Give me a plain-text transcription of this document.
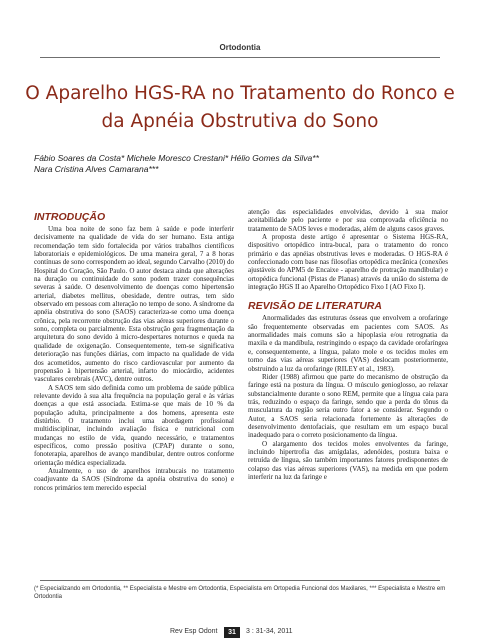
Ortodontia
O Aparelho HGS-RA no Tratamento do Ronco e da Apnéia Obstrutiva do Sono
Fábio Soares da Costa* Michele Moresco Crestani* Hélio Gomes da Silva**
Nara Cristina Alves Camarana***
INTRODUÇÃO

Uma boa noite de sono faz bem à saúde e pode interferir decisivamente na qualidade de vida do ser humano. Esta antiga recomendação tem sido fortalecida por vários trabalhos científicos laboratoriais e epidemiológicos. De uma maneira geral, 7 a 8 horas contínuas de sono correspondem ao ideal, segundo Carvalho (2010) do Hospital do Coração, São Paulo. O autor destaca ainda que alterações na duração ou continuidade do sono podem trazer consequências severas à saúde. O desenvolvimento de doenças como hipertensão arterial, diabetes mellitus, obesidade, dentre outras, tem sido observado em pessoas com alteração no tempo de sono. A síndrome da apnéia obstrutiva do sono (SAOS) caracteriza-se como uma doença crônica, pela recorrente obstrução das vias aéreas superiores durante o sono, completa ou parcialmente. Esta obstrução gera fragmentação da arquitetura do sono devido à micro-despertares noturnos e queda na qualidade de oxigenação. Consequentemente, tem-se significativa deterioração nas funções diárias, com impacto na qualidade de vida dos acometidos, aumento do risco cardiovascular por aumento da propensão à hipertensão arterial, infarto do miocárdio, acidentes vasculares cerebrais (AVC), dentre outros.

A SAOS tem sido definida como um problema de saúde pública relevante devido à sua alta frequência na população geral e às várias doenças a que está associada. Estima-se que mais de 10 % da população adulta, principalmente a dos homens, apresenta este distúrbio. O tratamento inclui uma abordagem profissional multidisciplinar, incluindo avaliação física e nutricional com mudanças no estilo de vida, quando necessário, e tratamentos específicos, como pressão positiva (CPAP) durante o sono, fonoterapia, aparelhos de avanço mandibular, dentre outros conforme orientação médica especializada.

Atualmente, o uso de aparelhos intrabucais no tratamento coadjuvante da SAOS (Síndrome da apnéia obstrutiva do sono) e roncos primários tem merecido especial

atenção das especialidades envolvidas, devido à sua maior aceitabilidade pelo paciente e por sua comprovada eficiência no tratamento de SAOS leves e moderadas, além de alguns casos graves.

A proposta deste artigo é apresentar o Sistema HGS-RA, dispositivo ortopédico intra-bucal, para o tratamento do ronco primário e das apnéias obstrutivas leves e moderadas. O HGS-RA é confeccionado com base nas filosofias ortopédica mecânica (conexões ajustáveis do APM5 de Encaixe - aparelho de protração mandibular) e ortopédica funcional (Pistas de Planas) através da união do sistema de integração HGS II ao Aparelho Ortopédico Fixo I (AO Fixo I).

REVISÃO DE LITERATURA

Anormalidades das estruturas ósseas que envolvem a orofaringe são frequentemente observadas em pacientes com SAOS. As anormalidades mais comuns são a hipoplasia e/ou retrognatia da maxila e da mandíbula, restringindo o espaço da cavidade orofaríngea e, consequentemente, a língua, palato mole e os tecidos moles em torno das vias aéreas superiores (VAS) deslocam posteriormente, obstruindo a luz da orofaringe (RILEY et al., 1983).

Rider (1988) afirmou que parte do mecanismo de obstrução da faringe está na postura da língua. O músculo genioglosso, ao relaxar substancialmente durante o sono REM, permite que a língua caia para trás, reduzindo o espaço da faringe, sendo que a perda do tônus da musculatura da região seria outro fator a se considerar. Segundo o Autor, a SAOS seria relacionada fortemente às alterações de desenvolvimento dentofaciais, que resultam em um espaço bucal inadequado para o correto posicionamento da língua.

O alargamento dos tecidos moles envolventes da faringe, incluindo hipertrofia das amígdalas, adenóides, postura baixa e retruída de língua, são também importantes fatores predisponentes de colapso das vias aéreas superiores (VAS), na medida em que podem interferir na luz da faringe e

(* Especializando em Ortodontia, ** Especialista e Mestre em Ortodontia, Especialista em Ortopedia Funcional dos Maxilares, *** Especialista e Mestre em Ortodontia
Rev Esp Odont	31	3 : 31-34, 2011
